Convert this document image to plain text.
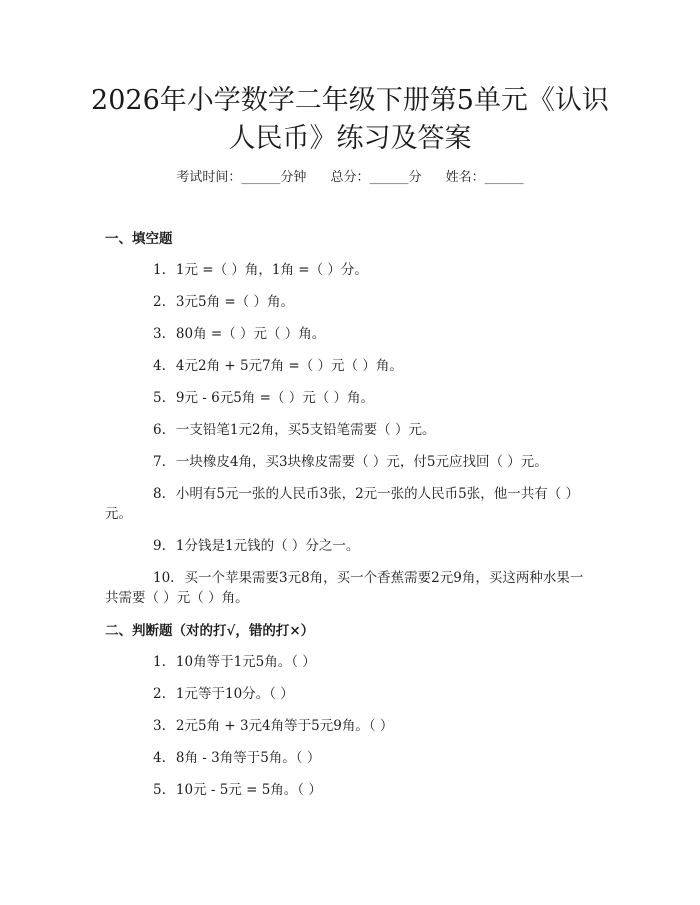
2026年小学数学二年级下册第5单元《认识人民币》练习及答案
考试时间：______分钟 总分：______分 姓名：______
一、填空题

1. 1元 =（ ）角，1角 =（ ）分。

2. 3元5角 =（ ）角。

3. 80角 =（ ）元（ ）角。

4. 4元2角 + 5元7角 =（ ）元（ ）角。

5. 9元 - 6元5角 =（ ）元（ ）角。

6. 一支铅笔1元2角，买5支铅笔需要（ ）元。

7. 一块橡皮4角，买3块橡皮需要（ ）元，付5元应找回（ ）元。

8. 小明有5元一张的人民币3张，2元一张的人民币5张，他一共有（ ）元。

9. 1分钱是1元钱的（ ）分之一。

10. 买一个苹果需要3元8角，买一个香蕉需要2元9角，买这两种水果一共需要（ ）元（ ）角。

二、判断题（对的打√，错的打×）

1. 10角等于1元5角。（ ）

2. 1元等于10分。（ ）

3. 2元5角 + 3元4角等于5元9角。（ ）

4. 8角 - 3角等于5角。（ ）

5. 10元 - 5元 = 5角。（ ）
